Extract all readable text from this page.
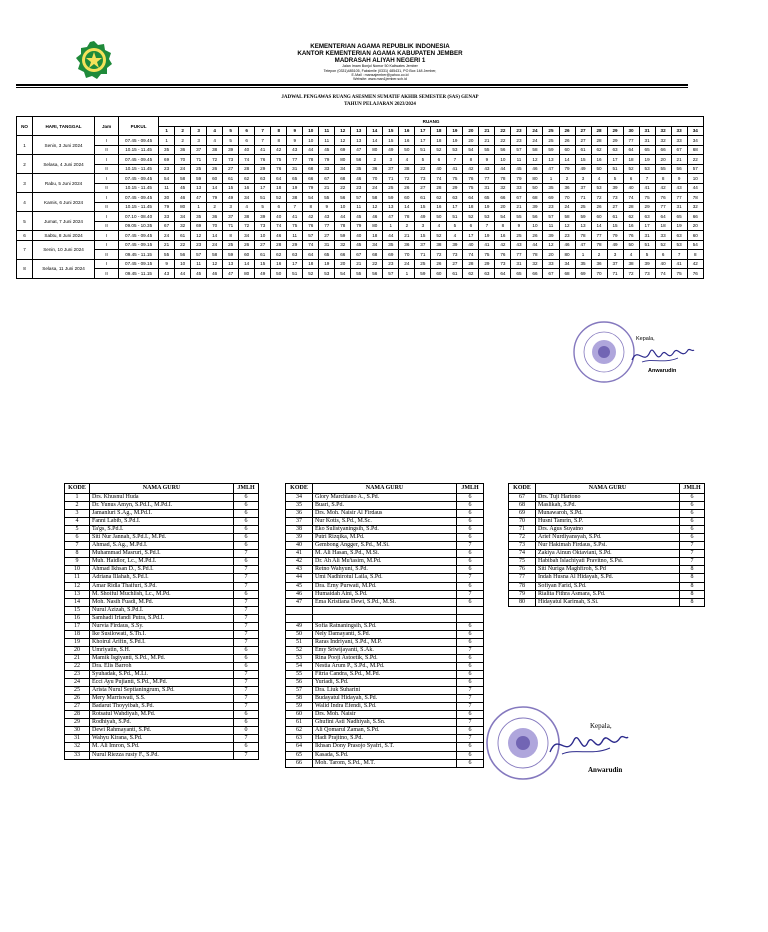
KEMENTERIAN AGAMA REPUBLIK INDONESIA
KANTOR KEMENTERIAN AGAMA KABUPATEN JEMBER
MADRASAH ALIYAH NEGERI 1
Jalan Imam Bonjol Nomor 50 Kaliwates Jember
Telepon (0331)485105, Faksimile (0331) 485431, PO Box 148 Jember,
E-Mail : mansajember@yahoo.co.id
Website: www.man1jember.sch.id
JADWAL PENGAWAS RUANG ASESMEN SUMATIF AKHIR SEMESTER (SAS) GENAP
TAHUN PELAJARAN 2023/2024
NO	HARI, TANGGAL	Jam	PUKUL	RUANG																																	
				1	2	3	4	5	6	7	8	9	10	11	12	13	14	15	16	17	18	19	20	21	22	23	24	25	26	27	28	29	30	31	32	33	34
1	Senin, 3 Juni 2024	I	07.45 - 09.45	1	2	3	4	5	6	7	8	9	10	11	12	13	14	15	16	17	18	19	20	21	22	23	24	25	26	27	28	29	77	31	32	33	34
		II	10.15 - 11.45	35	36	37	38	39	40	41	42	43	44	45	69	47	80	49	50	51	52	53	54	55	56	57	58	59	60	61	62	63	64	65	66	67	68
2	Selasa, 4 Juni 2024	I	07.45 - 09.45	69	70	71	72	73	74	76	75	77	78	79	80	56	2	3	4	5	6	7	8	9	10	11	12	13	14	15	16	17	18	19	20	21	22
		II	10.15 - 11.45	23	24	25	26	27	28	29	76	31	68	33	34	35	36	37	38	22	40	41	42	43	44	45	46	47	79	49	50	51	52	53	55	56	57
3	Rabu, 5 Juni 2024	I	07.45 - 09.45	54	58	59	60	61	62	63	64	65	66	67	68	46	70	71	72	73	74	75	76	77	78	79	80	1	2	3	4	5	6	7	8	9	10
		II	10.15 - 11.45	11	45	13	14	15	16	17	18	19	79	21	22	23	24	25	26	27	28	29	75	31	32	33	50	35	36	37	53	39	40	41	42	43	44
4	Kamis, 6 Juni 2024	I	07.45 - 09.45	30	46	47	79	49	34	51	52	38	54	55	56	57	58	59	60	61	62	63	64	65	66	67	68	69	70	71	72	73	74	75	76	77	78
		II	10.15 - 11.45	79	80	1	2	3	4	5	6	7	8	9	10	11	12	13	14	15	16	17	18	19	20	21	39	23	24	25	26	27	28	29	77	31	32
5	Jumat, 7 Juni 2024	I	07.10 - 08.40	33	34	35	36	37	38	39	40	41	42	43	44	45	46	47	78	49	50	51	52	53	54	55	56	57	58	59	60	61	62	63	64	65	66
		II	09.05 - 10.35	67	32	69	70	71	72	73	74	75	76	77	78	79	80	1	2	3	4	5	6	7	8	9	10	11	12	13	14	15	16	17	18	19	20
6	Sabtu, 8 Juni 2024	I	07.45 - 09.45	24	61	12	14	8	34	10	46	11	57	27	59	40	18	44	21	15	52	4	17	19	16	25	26	39	23	78	77	79	76	31	33	63	60
7	Senin, 10 Juni 2024	I	07.45 - 09.15	21	22	23	24	25	26	27	28	29	74	31	32	45	34	35	36	37	38	39	40	41	42	43	44	12	46	47	78	49	50	51	52	53	54
		II	09.45 - 11.15	55	56	57	58	59	60	61	62	63	64	65	66	67	68	69	70	71	72	73	74	75	76	77	78	20	80	1	2	3	4	5	6	7	8
8	Selasa, 11 Juni 2024	I	07.45 - 09.15	9	10	11	12	13	14	15	16	17	18	19	20	21	22	23	24	25	26	27	28	29	73	31	32	33	34	35	36	37	38	39	40	41	42
		II	09.45 - 11.15	43	44	45	46	47	80	49	50	51	52	53	54	55	56	57	1	59	60	61	62	63	64	65	66	67	68	69	70	71	72	73	74	75	76
Kepala,
Anwarudin
KODE	NAMA GURU	JMLH
1	Drs. Khusnul Huda	6
2	Dr. Yunus Amyn, S.Pd.I., M.Pd.I.	6
3	Jamanluri S.Ag., M.Pd.I.	6
4	Fanni Labib, S.Pd.I.	6
5	Ta'gs, S.Pd.I.	6
6	Siti Nur Jannah, S.Pd.I., M.Pd.	6
7	Ahmad, S.Ag., M.Pd.I.	6
8	Muhammad Masruri, S.Pd.I.	7
9	Muh. Haidlor, Lc., M.Pd.I.	6
10	Ahmad Ikhsan D., S.Pd.I.	7
11	Adriana Illahah, S.Pd.I.	7
12	Amar Ridla Thaifuri, S.Pd.	7
13	M. Shoiful Muchlish, Lc., M.Pd.	6
14	Moh. Nasih Fuadi, M.Pd.	7
15	Nurul Azizah, S.Pd.I.	7
16	Samhadi Irfandi Putra, S.Pd.I.	7
17	Nurvia Firdaus, S.Sy.	7
18	Ike Susilowati, S.Th.I.	7
19	Khoirul Arifin, S.Pd.I.	7
20	Umriyatin, S.H.	6
21	Mamik Isgiyanti, S.Pd., M.Pd.	6
22	Dra. Elis Barroh	6
23	Syuhadak, S.Pd., M.Li.	7
24	Ecci Ayu Pujianti, S.Pd., M.Pd.	7
25	Arista Nurul Septianingrum, S.Pd.	7
26	Mery Marriswati, S.S.	7
27	Badarut Thoyyibah, S.Pd.	7
28	Rotsatul Wahdiyah, M.Pd.	6
29	Rodhiyah, S.Pd.	6
30	Dewi Rahmayanti, S.Pd.	0
31	Wahyu Kirana, S.Pd.	7
32	M. Ali Imron, S.Pd.	6
33	Nurul Riezza rusty F., S.Pd.	7
KODE	NAMA GURU	JMLH
34	Glory Marchiano A., S.Pd.	6
35	Buari, S.Pd.	6
36	Drs. Moh. Naisir Al Firdaus	6
37	Nur Kotis, S.Pd., M.Sc.	6
38	Eko Sulistyaningsih, S.Pd.	6
39	Putri Rizqika, M.Pd.	6
40	Gembong Angger, S.Pd., M.Si.	7
41	M. Ali Hasan, S.Pd., M.Si.	6
42	Dr. Ah Ali Mu'tasim, M.Pd.	6
43	Retno Wahyuni, S.Pd.	6
44	Umi Nadhirotul Laila, S.Pd.	7
45	Dra. Erny Purwati, M.Pd.	6
46	Humaidah Aini, S.Pd.	7
47	Ema Kristiana Dewi, S.Pd., M.Si.	6

49	Sofia Ratnaningsih, S.Pd.	6
50	Nely Damayanti, S.Pd.	6
51	Raras Indriyani, S.Pd., M.P.	6
52	Emy Sriwijayanti, S.Ak.	7
53	Rina Pooji Astoetik, S.Pd.	6
54	Nestia Arum P., S.Pd., M.Pd.	6
55	Fitria Candra, S.Pd., M.Pd.	6
56	Yuriadi, S.Pd.	6
57	Dra. Liuk Suharini	7
58	Budayatul Hidayah, S.Pd.	7
59	Walid Indra Efendi, S.Pd.	7
60	Drs. Moh. Naisir	6
61	Ghufini Asti Nadhiyah, S.Sn.	7
62	Ali Qomarul Zaman, S.Pd.	6
63	Hadi Prajitno, S.Pd.	7
64	Ikhsan Dony Prasojo Syafri, S.T.	6
65	Kasada, S.Pd.	6
66	Moh. Tarom, S.Pd., M.T.	6
KODE	NAMA GURU	JMLH
67	Drs. Tuji Hartono	6
68	Maslikah, S.Pd.	6
69	Munawaroh, S.Pd.	6
70	Husni Tamrin, S.P.	6
71	Drs. Agus Suyatno	6
72	Arief Nurdiyansyah, S.Pd.	6
73	Nur Hakimah Firdaus, S.Psi.	7
74	Zakiya Ainun Oktaviani, S.Pd.	7
75	Habibah Islachiyati Pravitno, S.Psi.	7
76	Siti Nuriga Maghfiroh, S.Pd	8
77	Indah Husna Al Hidayah, S.Pd.	8
78	Sofiyan Farid, S.Pd.	8
79	Rialita Fithra Asmara, S.Pd.	8
80	Hidayatul Karimah, S.Si.	8
Kepala,
Anwarudin
